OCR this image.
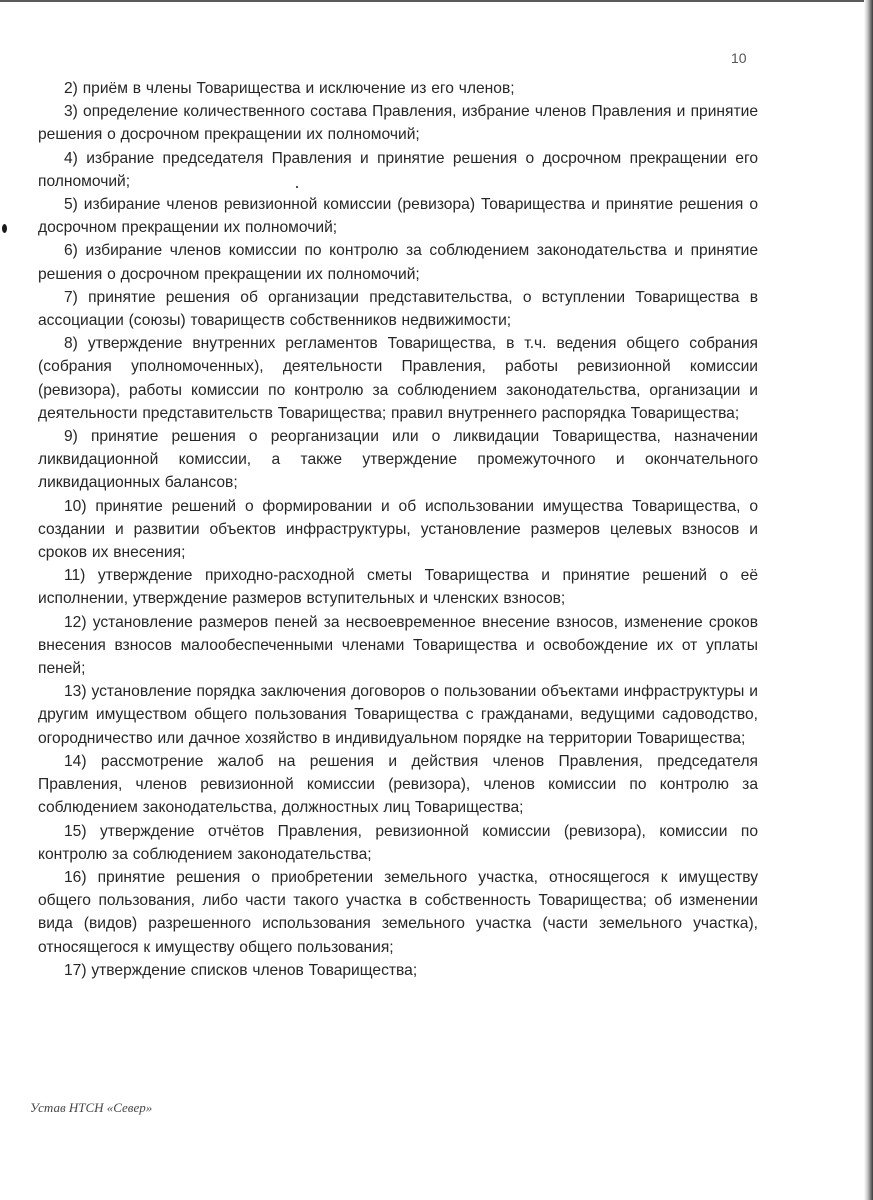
10

2) приём в члены Товарищества и исключение из его членов;

3) определение количественного состава Правления, избрание членов Правления и принятие решения о досрочном прекращении их полномочий;

4) избрание председателя Правления и принятие решения о досрочном прекращении его полномочий;

5) избирание членов ревизионной комиссии (ревизора) Товарищества и принятие решения о досрочном прекращении их полномочий;

6) избирание членов комиссии по контролю за соблюдением законодательства и принятие решения о досрочном прекращении их полномочий;

7) принятие решения об организации представительства, о вступлении Товарищества в ассоциации (союзы) товариществ собственников недвижимости;

8) утверждение внутренних регламентов Товарищества, в т.ч. ведения общего собрания (собрания уполномоченных), деятельности Правления, работы ревизионной комиссии (ревизора), работы комиссии по контролю за соблюдением законодательства, организации и деятельности представительств Товарищества; правил внутреннего распорядка Товарищества;

9) принятие решения о реорганизации или о ликвидации Товарищества, назначении ликвидационной комиссии, а также утверждение промежуточного и окончательного ликвидационных балансов;

10) принятие решений о формировании и об использовании имущества Товарищества, о создании и развитии объектов инфраструктуры, установление размеров целевых взносов и сроков их внесения;

11) утверждение приходно-расходной сметы Товарищества и принятие решений о её исполнении, утверждение размеров вступительных и членских взносов;

12) установление размеров пеней за несвоевременное внесение взносов, изменение сроков внесения взносов малообеспеченными членами Товарищества и освобождение их от уплаты пеней;

13) установление порядка заключения договоров о пользовании объектами инфраструктуры и другим имуществом общего пользования Товарищества с гражданами, ведущими садоводство, огородничество или дачное хозяйство в индивидуальном порядке на территории Товарищества;

14) рассмотрение жалоб на решения и действия членов Правления, председателя Правления, членов ревизионной комиссии (ревизора), членов комиссии по контролю за соблюдением законодательства, должностных лиц Товарищества;

15) утверждение отчётов Правления, ревизионной комиссии (ревизора), комиссии по контролю за соблюдением законодательства;

16) принятие решения о приобретении земельного участка, относящегося к имуществу общего пользования, либо части такого участка в собственность Товарищества; об изменении вида (видов) разрешенного использования земельного участка (части земельного участка), относящегося к имуществу общего пользования;

17) утверждение списков членов Товарищества;

Устав НТСН «Север»
